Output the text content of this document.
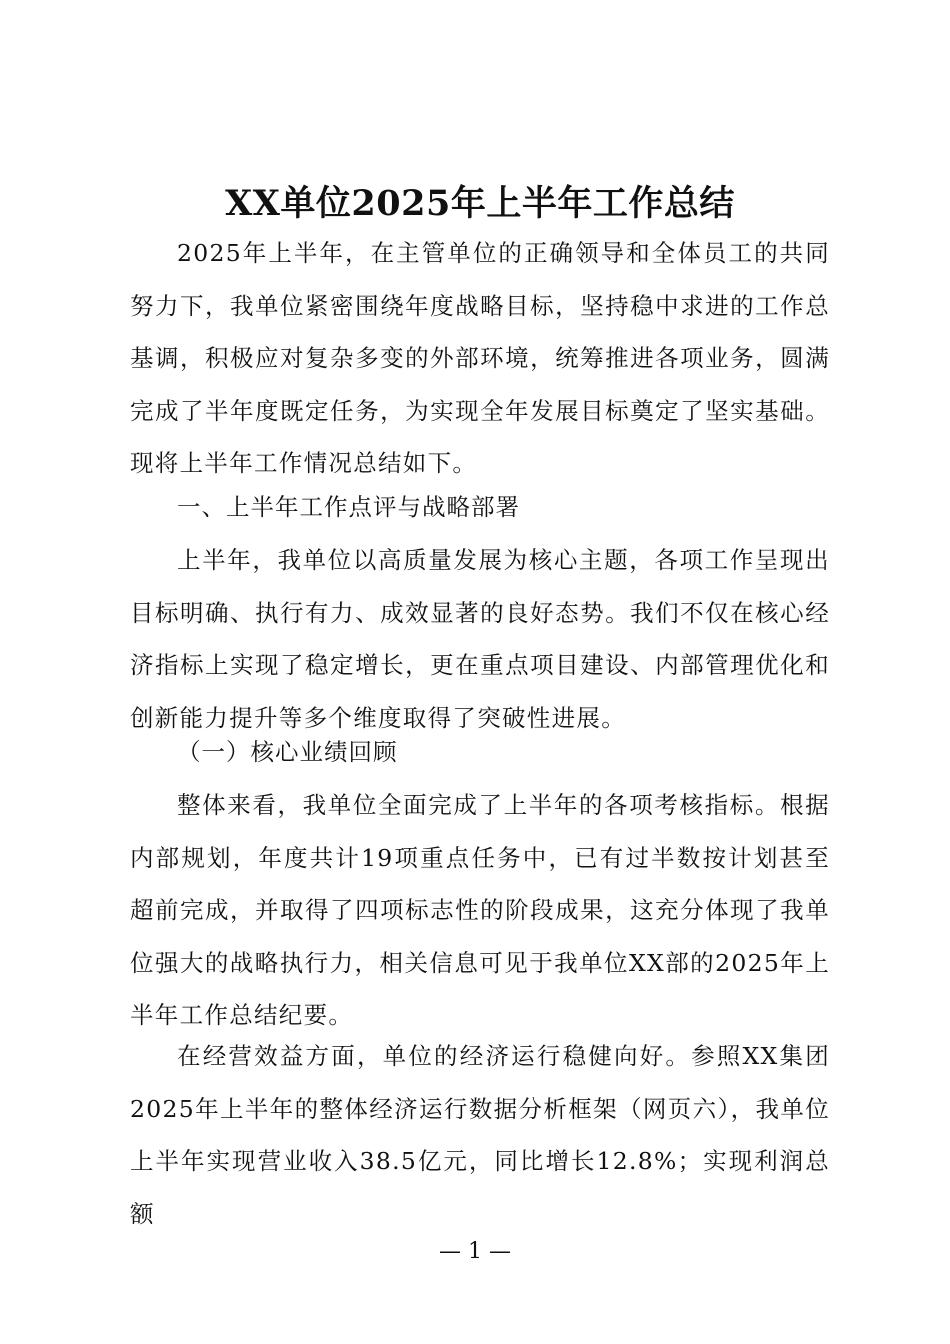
XX单位2025年上半年工作总结

2025年上半年，在主管单位的正确领导和全体员工的共同努力下，我单位紧密围绕年度战略目标，坚持稳中求进的工作总基调，积极应对复杂多变的外部环境，统筹推进各项业务，圆满完成了半年度既定任务，为实现全年发展目标奠定了坚实基础。现将上半年工作情况总结如下。

一、上半年工作点评与战略部署

上半年，我单位以高质量发展为核心主题，各项工作呈现出目标明确、执行有力、成效显著的良好态势。我们不仅在核心经济指标上实现了稳定增长，更在重点项目建设、内部管理优化和创新能力提升等多个维度取得了突破性进展。

（一）核心业绩回顾

整体来看，我单位全面完成了上半年的各项考核指标。根据内部规划，年度共计19项重点任务中，已有过半数按计划甚至超前完成，并取得了四项标志性的阶段成果，这充分体现了我单位强大的战略执行力，相关信息可见于我单位XX部的2025年上半年工作总结纪要。

在经营效益方面，单位的经济运行稳健向好。参照XX集团2025年上半年的整体经济运行数据分析框架（网页六），我单位上半年实现营业收入38.5亿元，同比增长12.8%；实现利润总额

— 1 —
